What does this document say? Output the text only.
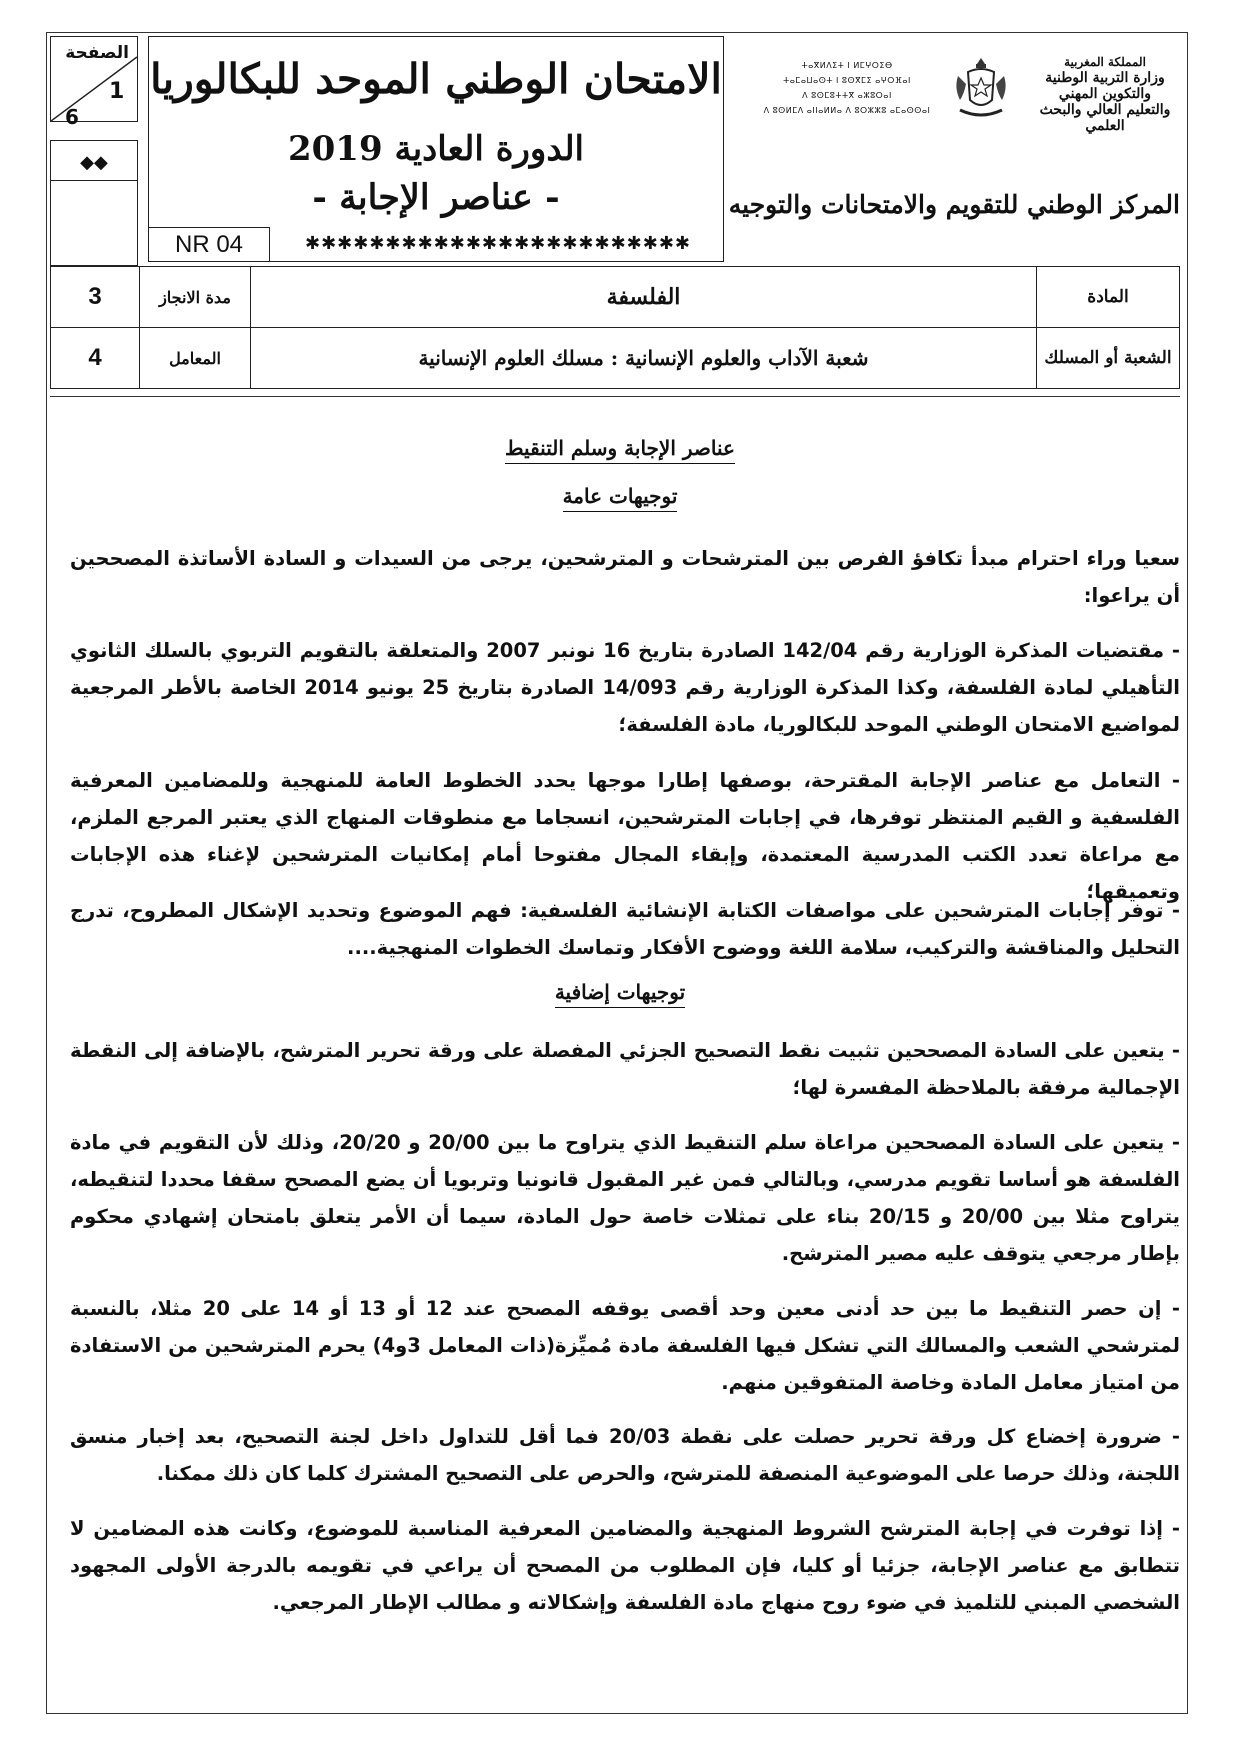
الصفحة
1
6
◆◆
الامتحان الوطني الموحد للبكالوريا
الدورة العادية 2019
- عناصر الإجابة -
NR 04	✱✱✱✱✱✱✱✱✱✱✱✱✱✱✱✱✱✱✱✱✱✱✱✱
المملكة المغربية
وزارة التربية الوطنية
والتكوين المهني
والتعليم العالي والبحث العلمي
ⵜⴰⴳⵍⴷⵉⵜ ⵏ ⵍⵎⵖⵔⵉⴱ
ⵜⴰⵎⴰⵡⴰⵙⵜ ⵏ ⵓⵙⴳⵎⵉ ⴰⵖⵔⴼⴰⵏ
ⴷ ⵓⵙⵎⵓⵜⵜⴳ ⴰⵣⵓⵔⴰⵏ
ⴷ ⵓⵙⵍⵎⴷ ⴰⵏⵏⴰⵍⵍⴰ ⴷ ⵓⵔⵣⵣⵓ ⴰⵎⴰⵙⵙⴰⵏ
المركز الوطني للتقويم والامتحانات والتوجيه
المادة	الفلسفة	مدة الانجاز	3
الشعبة أو المسلك	شعبة الآداب والعلوم الإنسانية : مسلك العلوم الإنسانية	المعامل	4
عناصر الإجابة وسلم التنقيط
توجيهات عامة
سعيا وراء احترام مبدأ تكافؤ الفرص بين المترشحات و المترشحين، يرجى من السيدات و السادة الأساتذة المصححين أن يراعوا:
- مقتضيات المذكرة الوزارية رقم 142/04 الصادرة بتاريخ 16 نونبر 2007 والمتعلقة بالتقويم التربوي بالسلك الثانوي التأهيلي لمادة الفلسفة، وكذا المذكرة الوزارية رقم 14/093 الصادرة بتاريخ 25 يونيو 2014 الخاصة بالأطر المرجعية لمواضيع الامتحان الوطني الموحد للبكالوريا، مادة الفلسفة؛
- التعامل مع عناصر الإجابة المقترحة، بوصفها إطارا موجها يحدد الخطوط العامة للمنهجية وللمضامين المعرفية الفلسفية و القيم المنتظر توفرها، في إجابات المترشحين، انسجاما مع منطوقات المنهاج الذي يعتبر المرجع الملزم، مع مراعاة تعدد الكتب المدرسية المعتمدة، وإبقاء المجال مفتوحا أمام إمكانيات المترشحين لإغناء هذه الإجابات وتعميقها؛
- توفر إجابات المترشحين على مواصفات الكتابة الإنشائية الفلسفية: فهم الموضوع وتحديد الإشكال المطروح، تدرج التحليل والمناقشة والتركيب، سلامة اللغة ووضوح الأفكار وتماسك الخطوات المنهجية....
توجيهات إضافية
- يتعين على السادة المصححين تثبيت نقط التصحيح الجزئي المفصلة على ورقة تحرير المترشح، بالإضافة إلى النقطة الإجمالية مرفقة بالملاحظة المفسرة لها؛
- يتعين على السادة المصححين مراعاة سلم التنقيط الذي يتراوح ما بين 20/00 و 20/20، وذلك لأن التقويم في مادة الفلسفة هو أساسا تقويم مدرسي، وبالتالي فمن غير المقبول قانونيا وتربويا أن يضع المصحح سقفا محددا لتنقيطه، يتراوح مثلا بين 20/00 و 20/15 بناء على تمثلات خاصة حول المادة، سيما أن الأمر يتعلق بامتحان إشهادي محكوم بإطار مرجعي يتوقف عليه مصير المترشح.
- إن حصر التنقيط ما بين حد أدنى معين وحد أقصى يوقفه المصحح عند 12 أو 13 أو 14 على 20 مثلا، بالنسبة لمترشحي الشعب والمسالك التي تشكل فيها الفلسفة مادة مُميِّزة(ذات المعامل 3و4) يحرم المترشحين من الاستفادة من امتياز معامل المادة وخاصة المتفوقين منهم.
- ضرورة إخضاع كل ورقة تحرير حصلت على نقطة 20/03 فما أقل للتداول داخل لجنة التصحيح، بعد إخبار منسق اللجنة، وذلك حرصا على الموضوعية المنصفة للمترشح، والحرص على التصحيح المشترك كلما كان ذلك ممكنا.
- إذا توفرت في إجابة المترشح الشروط المنهجية والمضامين المعرفية المناسبة للموضوع، وكانت هذه المضامين لا تتطابق مع عناصر الإجابة، جزئيا أو كليا، فإن المطلوب من المصحح أن يراعي في تقويمه بالدرجة الأولى المجهود الشخصي المبني للتلميذ في ضوء روح منهاج مادة الفلسفة وإشكالاته و مطالب الإطار المرجعي.
